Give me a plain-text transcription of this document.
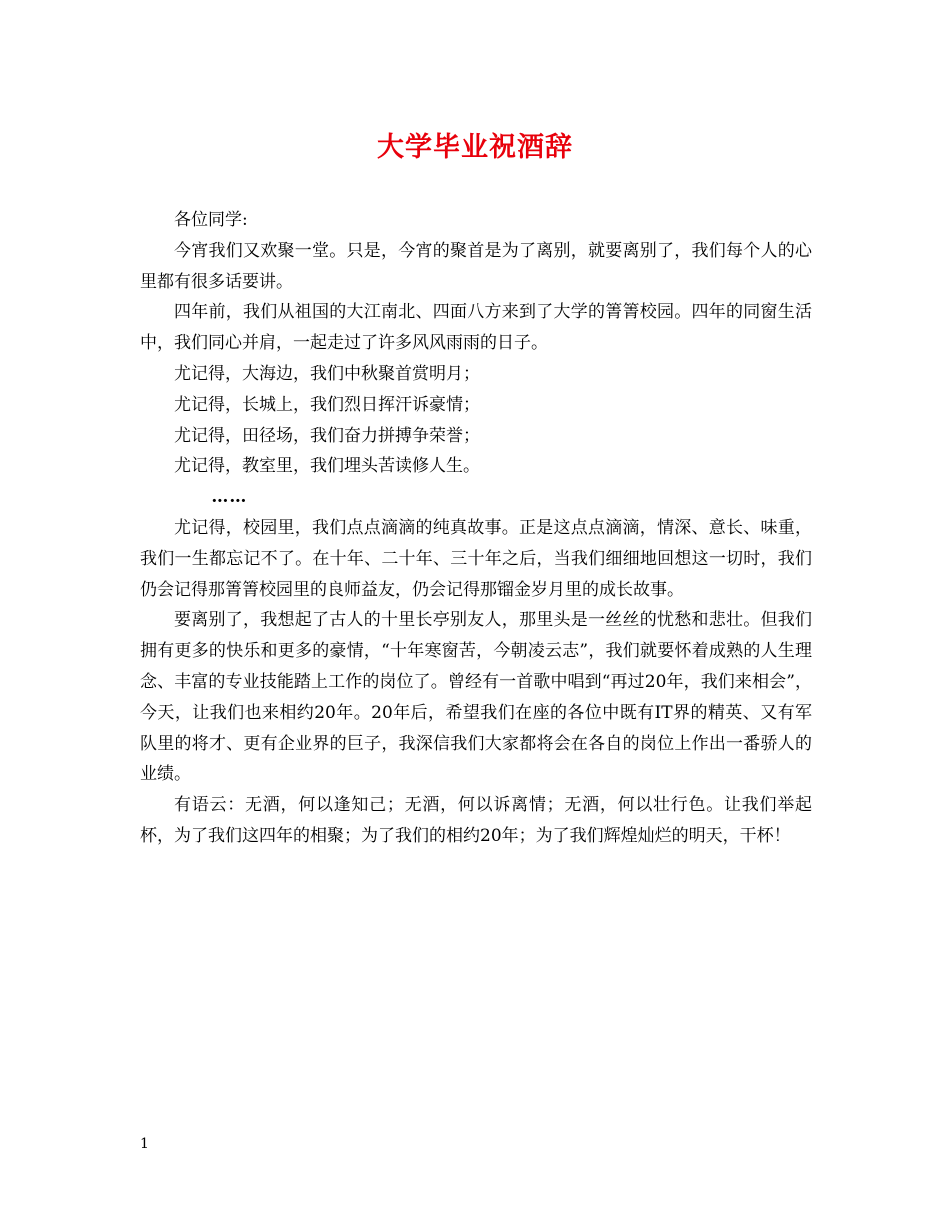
大学毕业祝酒辞

各位同学:

今宵我们又欢聚一堂。只是，今宵的聚首是为了离别，就要离别了，我们每个人的心里都有很多话要讲。

四年前，我们从祖国的大江南北、四面八方来到了大学的箐箐校园。四年的同窗生活中，我们同心并肩，一起走过了许多风风雨雨的日子。

尤记得，大海边，我们中秋聚首赏明月；

尤记得，长城上，我们烈日挥汗诉豪情；

尤记得，田径场，我们奋力拼搏争荣誉；

尤记得，教室里，我们埋头苦读修人生。

……

尤记得，校园里，我们点点滴滴的纯真故事。正是这点点滴滴，情深、意长、味重，我们一生都忘记不了。在十年、二十年、三十年之后，当我们细细地回想这一切时，我们仍会记得那箐箐校园里的良师益友，仍会记得那镏金岁月里的成长故事。

要离别了，我想起了古人的十里长亭别友人，那里头是一丝丝的忧愁和悲壮。但我们拥有更多的快乐和更多的豪情，“十年寒窗苦，今朝凌云志”，我们就要怀着成熟的人生理念、丰富的专业技能踏上工作的岗位了。曾经有一首歌中唱到“再过20年，我们来相会”，今天，让我们也来相约20年。20年后，希望我们在座的各位中既有IT界的精英、又有军队里的将才、更有企业界的巨子，我深信我们大家都将会在各自的岗位上作出一番骄人的业绩。

有语云：无酒，何以逢知己；无酒，何以诉离情；无酒，何以壮行色。让我们举起杯，为了我们这四年的相聚；为了我们的相约20年；为了我们辉煌灿烂的明天，干杯！

1
